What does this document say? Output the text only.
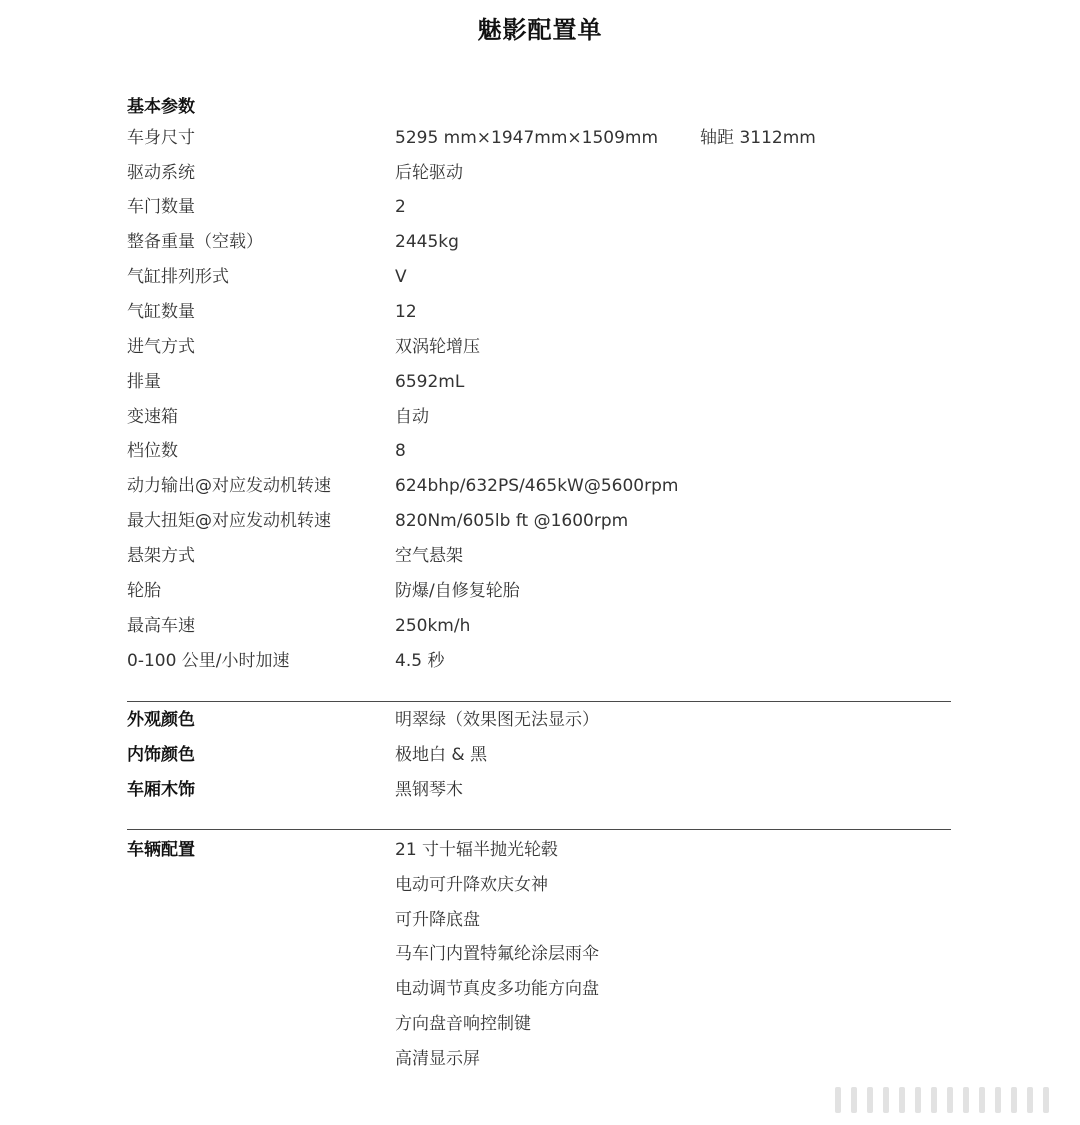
魅影配置单
基本参数
车身尺寸	5295 mm×1947mm×1509mm 轴距 3112mm
驱动系统	后轮驱动
车门数量	2
整备重量（空载）	2445kg
气缸排列形式	V
气缸数量	12
进气方式	双涡轮增压
排量	6592mL
变速箱	自动
档位数	8
动力输出@对应发动机转速	624bhp/632PS/465kW@5600rpm
最大扭矩@对应发动机转速	820Nm/605lb ft @1600rpm
悬架方式	空气悬架
轮胎	防爆/自修复轮胎
最高车速	250km/h
0-100 公里/小时加速	4.5 秒
外观颜色	明翠绿（效果图无法显示）
内饰颜色	极地白 & 黑
车厢木饰	黑钢琴木
车辆配置	21 寸十辐半抛光轮毂
电动可升降欢庆女神
可升降底盘
马车门内置特氟纶涂层雨伞
电动调节真皮多功能方向盘
方向盘音响控制键
高清显示屏
